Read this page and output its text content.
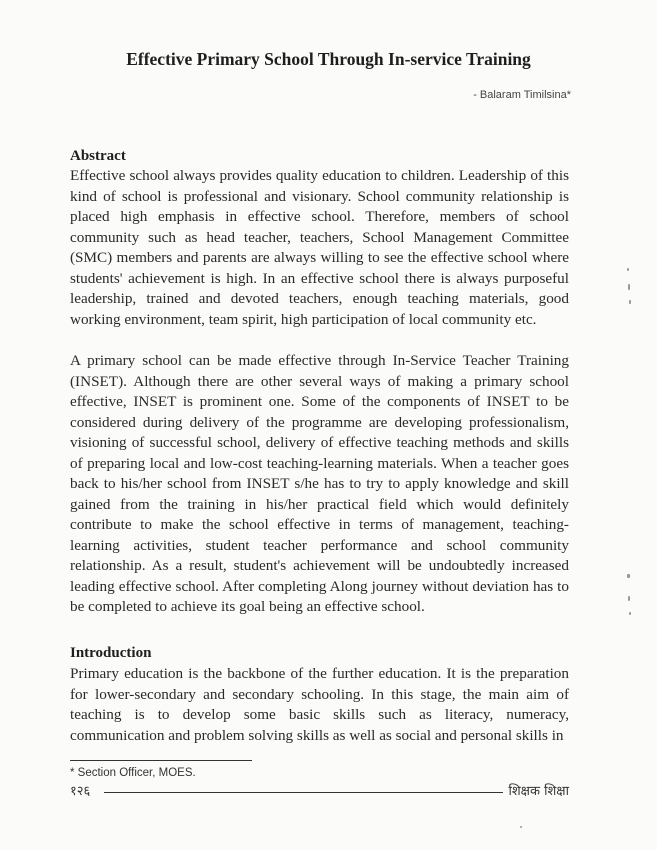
Effective Primary School Through In-service Training
- Balaram Timilsina*
Abstract

Effective school always provides quality education to children. Leadership of this kind of school is professional and visionary. School community relationship is placed high emphasis in effective school. Therefore, members of school community such as head teacher, teachers, School Management Committee (SMC) members and parents are always willing to see the effective school where students' achievement is high. In an effective school there is always purposeful leadership, trained and devoted teachers, enough teaching materials, good working environment, team spirit, high participation of local community etc.

A primary school can be made effective through In-Service Teacher Training (INSET). Although there are other several ways of making a primary school effective, INSET is prominent one. Some of the components of INSET to be considered during delivery of the programme are developing professionalism, visioning of successful school, delivery of effective teaching methods and skills of preparing local and low-cost teaching-learning materials. When a teacher goes back to his/her school from INSET s/he has to try to apply knowledge and skill gained from the training in his/her practical field which would definitely contribute to make the school effective in terms of management, teaching-learning activities, student teacher performance and school community relationship. As a result, student's achievement will be undoubtedly increased leading effective school. After completing Along journey without deviation has to be completed to achieve its goal being an effective school.

Introduction

Primary education is the backbone of the further education. It is the preparation for lower-secondary and secondary schooling. In this stage, the main aim of teaching is to develop some basic skills such as literacy, numeracy, communication and problem solving skills as well as social and personal skills in

* Section Officer, MOES.
१२६	शिक्षक शिक्षा
